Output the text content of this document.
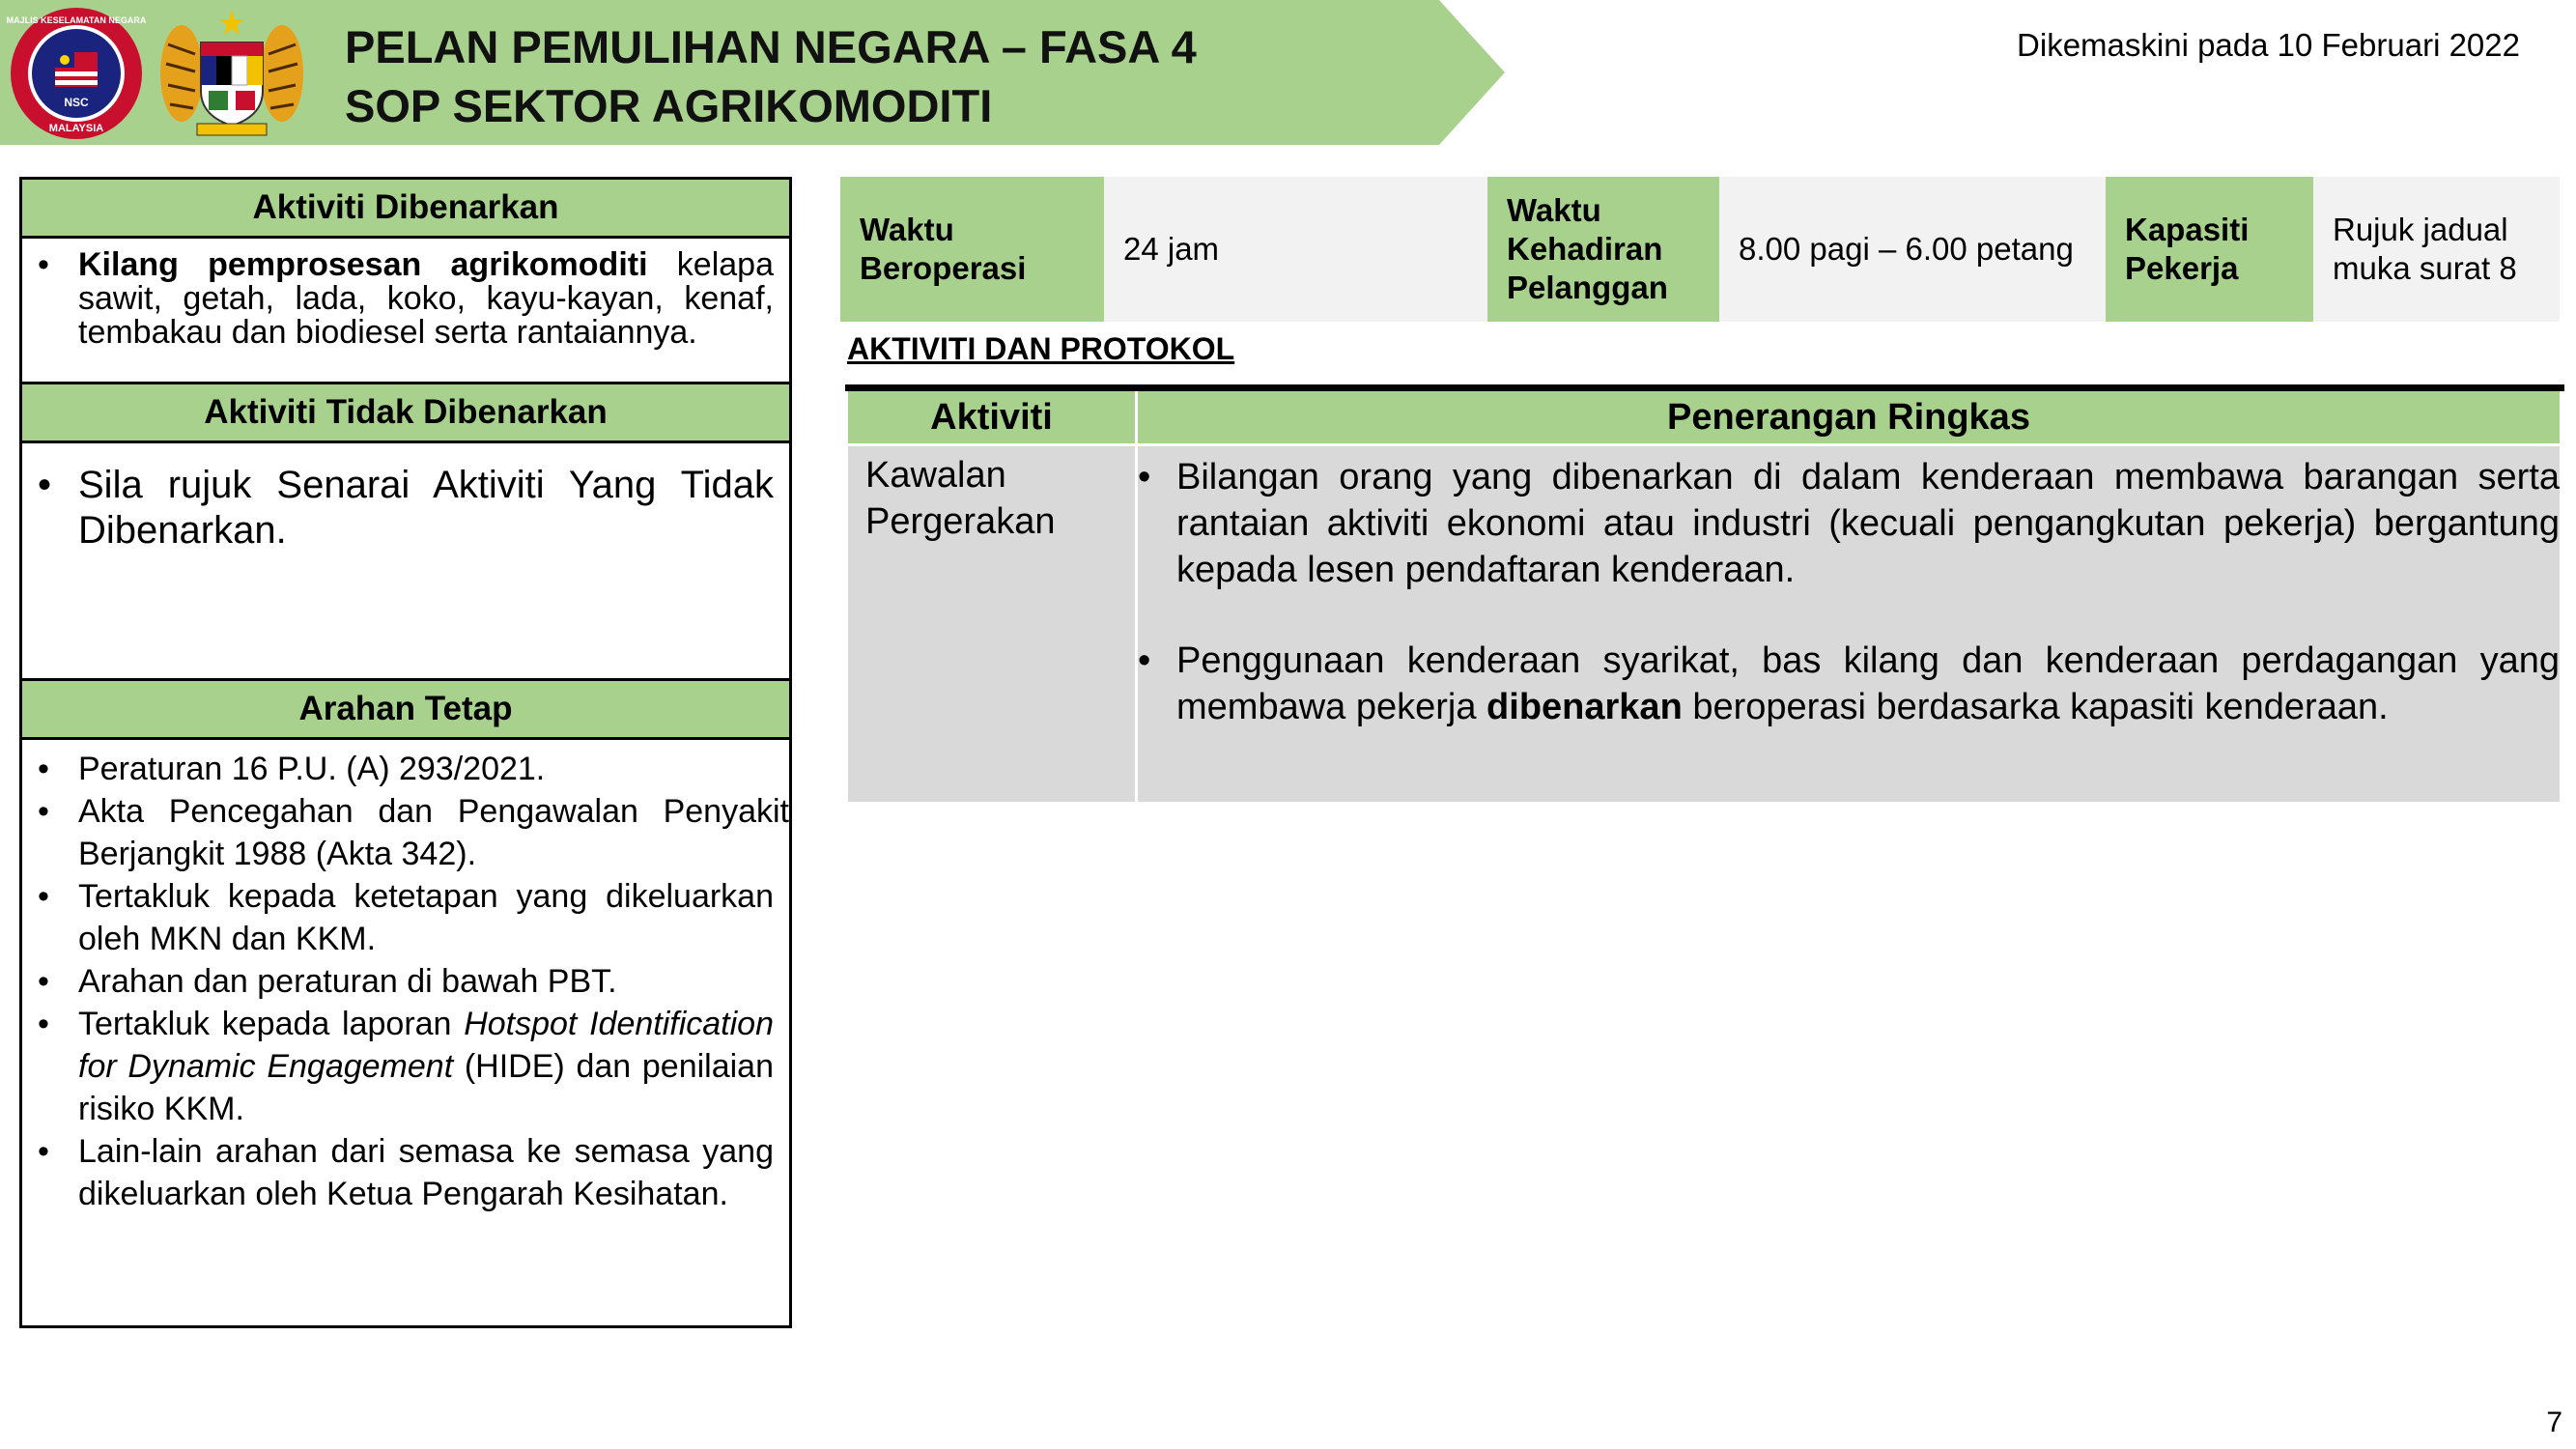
NSC
MALAYSIA
MAJLIS KESELAMATAN NEGARA
PELAN PEMULIHAN NEGARA – FASA 4
SOP SEKTOR AGRIKOMODITI
Dikemaskini pada 10 Februari 2022
Aktiviti Dibenarkan
• Kilang pemprosesan agrikomoditi kelapa sawit, getah, lada, koko, kayu-kayan, kenaf, tembakau dan biodiesel serta rantaiannya.
Aktiviti Tidak Dibenarkan
• Sila rujuk Senarai Aktiviti Yang Tidak Dibenarkan.
Arahan Tetap
• Peraturan 16 P.U. (A) 293/2021.
• Akta Pencegahan dan Pengawalan Penyakit Berjangkit 1988 (Akta 342).
• Tertakluk kepada ketetapan yang dikeluarkan oleh MKN dan KKM.
• Arahan dan peraturan di bawah PBT.
• Tertakluk kepada laporan Hotspot Identification for Dynamic Engagement (HIDE) dan penilaian risiko KKM.
• Lain-lain arahan dari semasa ke semasa yang dikeluarkan oleh Ketua Pengarah Kesihatan.
Waktu Beroperasi
24 jam
Waktu Kehadiran Pelanggan
8.00 pagi – 6.00 petang
Kapasiti Pekerja
Rujuk jadual muka surat 8
AKTIVITI DAN PROTOKOL
Aktiviti	Penerangan Ringkas
Kawalan Pergerakan
• Bilangan orang yang dibenarkan di dalam kenderaan membawa barangan serta rantaian aktiviti ekonomi atau industri (kecuali pengangkutan pekerja) bergantung kepada lesen pendaftaran kenderaan.
• Penggunaan kenderaan syarikat, bas kilang dan kenderaan perdagangan yang membawa pekerja dibenarkan beroperasi berdasarka kapasiti kenderaan.
7
